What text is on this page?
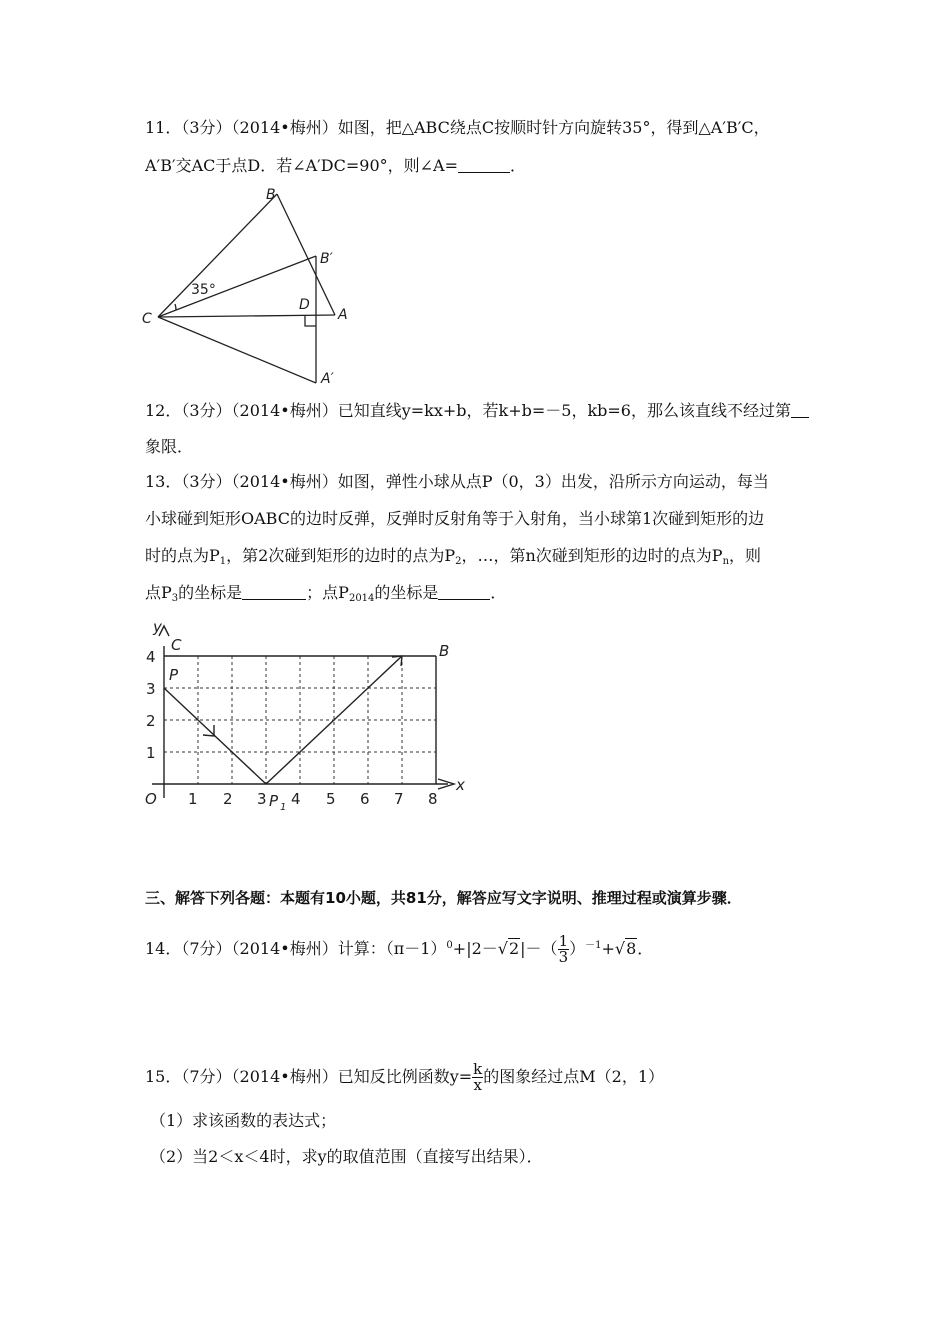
11．（3分）（2014•梅州）如图，把△ABC绕点C按顺时针方向旋转35°，得到△A′B′C，
A′B′交AC于点D．若∠A′DC=90°，则∠A=	．
B
B′
C
D
A
A′
35°
12．（3分）（2014•梅州）已知直线y=kx+b，若k+b=－5，kb=6，那么该直线不经过第
象限．
13．（3分）（2014•梅州）如图，弹性小球从点P（0，3）出发，沿所示方向运动，每当
小球碰到矩形OABC的边时反弹，反弹时反射角等于入射角，当小球第1次碰到矩形的边
时的点为$P_1$，第2次碰到矩形的边时的点为$P_2$，…，第n次碰到矩形的边时的点为$P_n$，则
点$P_3$的坐标是	；点$P_{2014}$的坐标是	．
y
x
O
C	B
P
P 1
1 2 3 4 5 6 7 8
1
2
3
4
三、解答下列各题：本题有10小题，共81分，解答应写文字说明、推理过程或演算步骤．
14．（7分）（2014•梅州）计算：$(\pi-1)^0+|2-√2|-( \frac{1}{3} )^{-1}+√8$．
15．（7分）（2014•梅州）已知反比例函数$y= \frac{k}{x}$ 的图象经过点M（2，1）
（1）求该函数的表达式；
（2）当2＜x＜4时，求y的取值范围（直接写出结果）．
